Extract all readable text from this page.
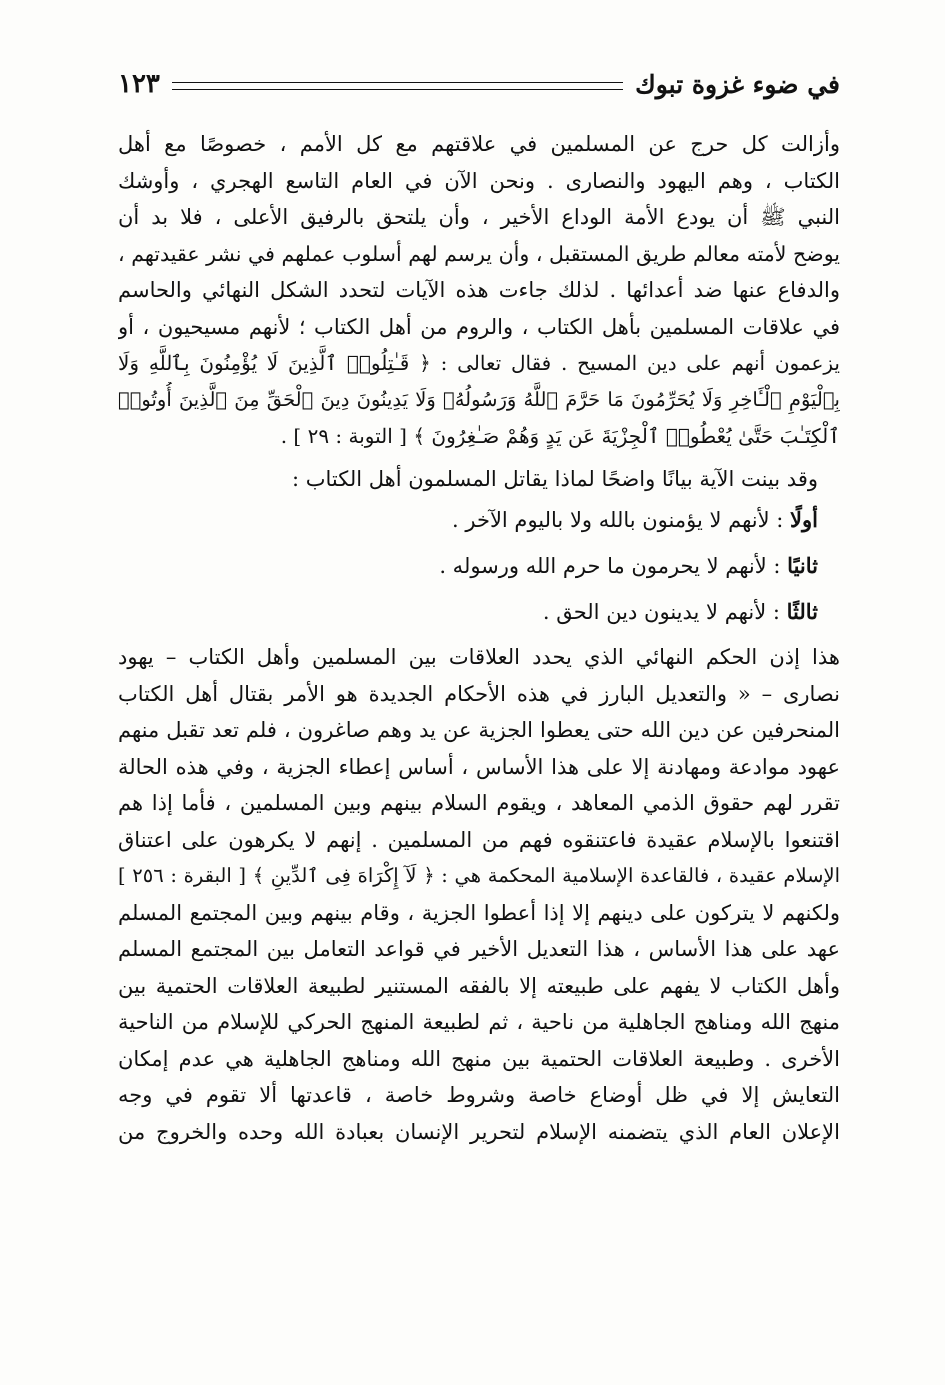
في ضوء غزوة تبوك
١٢٣
وأزالت كل حرج عن المسلمين في علاقتهم مع كل الأمم ، خصوصًا مع أهل
الكتاب ، وهم اليهود والنصارى . ونحن الآن في العام التاسع الهجري ، وأوشك
النبي ﷺ أن يودع الأمة الوداع الأخير ، وأن يلتحق بالرفيق الأعلى ، فلا بد أن
يوضح لأمته معالم طريق المستقبل ، وأن يرسم لهم أسلوب عملهم في نشر عقيدتهم ،
والدفاع عنها ضد أعدائها . لذلك جاءت هذه الآيات لتحدد الشكل النهائي والحاسم
في علاقات المسلمين بأهل الكتاب ، والروم من أهل الكتاب ؛ لأنهم مسيحيون ، أو
يزعمون أنهم على دين المسيح . فقال تعالى : ﴿ قَـٰتِلُوا۟ ٱلَّذِينَ لَا يُؤْمِنُونَ بِٱللَّهِ وَلَا
بِٱلْيَوْمِ ٱلْـَٔاخِرِ وَلَا يُحَرِّمُونَ مَا حَرَّمَ ٱللَّهُ وَرَسُولُهُۥ وَلَا يَدِينُونَ دِينَ ٱلْحَقِّ مِنَ ٱلَّذِينَ أُوتُوا۟
ٱلْكِتَـٰبَ حَتَّىٰ يُعْطُوا۟ ٱلْجِزْيَةَ عَن يَدٍ وَهُمْ صَـٰغِرُونَ ﴾ [ التوبة : ٢٩ ] .
وقد بينت الآية بيانًا واضحًا لماذا يقاتل المسلمون أهل الكتاب :
أولًا : لأنهم لا يؤمنون بالله ولا باليوم الآخر .
ثانيًا : لأنهم لا يحرمون ما حرم الله ورسوله .
ثالثًا : لأنهم لا يدينون دين الحق .
هذا إذن الحكم النهائي الذي يحدد العلاقات بين المسلمين وأهل الكتاب – يهود
نصارى – « والتعديل البارز في هذه الأحكام الجديدة هو الأمر بقتال أهل الكتاب
المنحرفين عن دين الله حتى يعطوا الجزية عن يد وهم صاغرون ، فلم تعد تقبل منهم
عهود موادعة ومهادنة إلا على هذا الأساس ، أساس إعطاء الجزية ، وفي هذه الحالة
تقرر لهم حقوق الذمي المعاهد ، ويقوم السلام بينهم وبين المسلمين ، فأما إذا هم
اقتنعوا بالإسلام عقيدة فاعتنقوه فهم من المسلمين . إنهم لا يكرهون على اعتناق
الإسلام عقيدة ، فالقاعدة الإسلامية المحكمة هي : ﴿ لَآ إِكْرَاهَ فِى ٱلدِّينِ ﴾ [ البقرة : ٢٥٦ ]
ولكنهم لا يتركون على دينهم إلا إذا أعطوا الجزية ، وقام بينهم وبين المجتمع المسلم
عهد على هذا الأساس ، هذا التعديل الأخير في قواعد التعامل بين المجتمع المسلم
وأهل الكتاب لا يفهم على طبيعته إلا بالفقه المستنير لطبيعة العلاقات الحتمية بين
منهج الله ومناهج الجاهلية من ناحية ، ثم لطبيعة المنهج الحركي للإسلام من الناحية
الأخرى . وطبيعة العلاقات الحتمية بين منهج الله ومناهج الجاهلية هي عدم إمكان
التعايش إلا في ظل أوضاع خاصة وشروط خاصة ، قاعدتها ألا تقوم في وجه
الإعلان العام الذي يتضمنه الإسلام لتحرير الإنسان بعبادة الله وحده والخروج من
